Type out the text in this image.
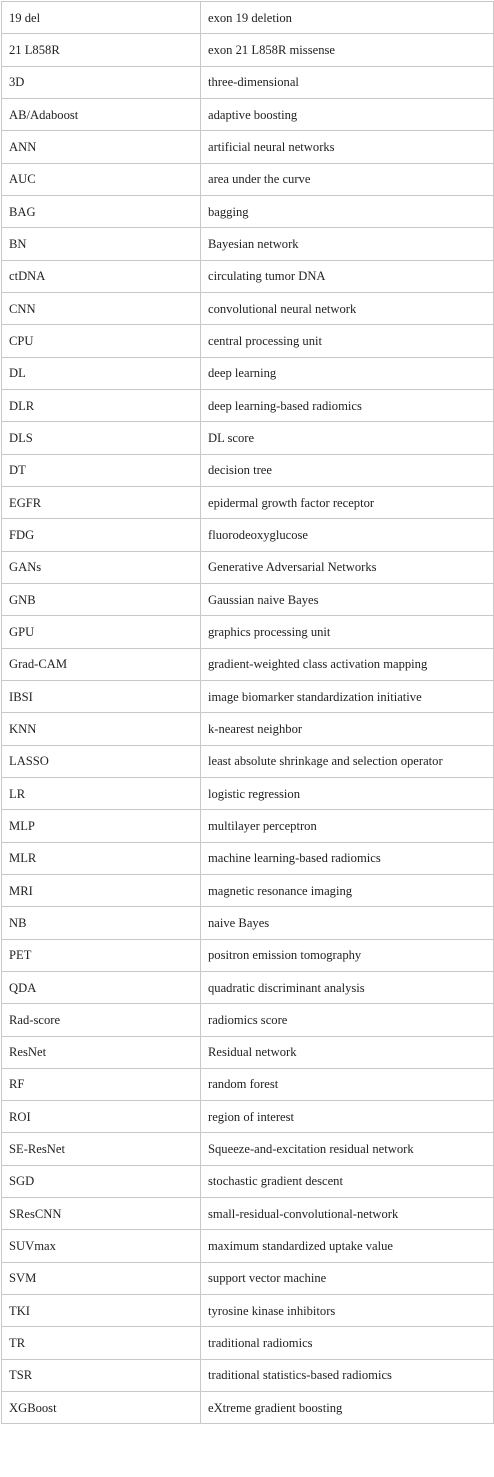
19 del	exon 19 deletion
21 L858R	exon 21 L858R missense
3D	three-dimensional
AB/Adaboost	adaptive boosting
ANN	artificial neural networks
AUC	area under the curve
BAG	bagging
BN	Bayesian network
ctDNA	circulating tumor DNA
CNN	convolutional neural network
CPU	central processing unit
DL	deep learning
DLR	deep learning-based radiomics
DLS	DL score
DT	decision tree
EGFR	epidermal growth factor receptor
FDG	fluorodeoxyglucose
GANs	Generative Adversarial Networks
GNB	Gaussian naive Bayes
GPU	graphics processing unit
Grad-CAM	gradient-weighted class activation mapping
IBSI	image biomarker standardization initiative
KNN	k-nearest neighbor
LASSO	least absolute shrinkage and selection operator
LR	logistic regression
MLP	multilayer perceptron
MLR	machine learning-based radiomics
MRI	magnetic resonance imaging
NB	naive Bayes
PET	positron emission tomography
QDA	quadratic discriminant analysis
Rad-score	radiomics score
ResNet	Residual network
RF	random forest
ROI	region of interest
SE-ResNet	Squeeze-and-excitation residual network
SGD	stochastic gradient descent
SResCNN	small-residual-convolutional-network
SUVmax	maximum standardized uptake value
SVM	support vector machine
TKI	tyrosine kinase inhibitors
TR	traditional radiomics
TSR	traditional statistics-based radiomics
XGBoost	eXtreme gradient boosting
